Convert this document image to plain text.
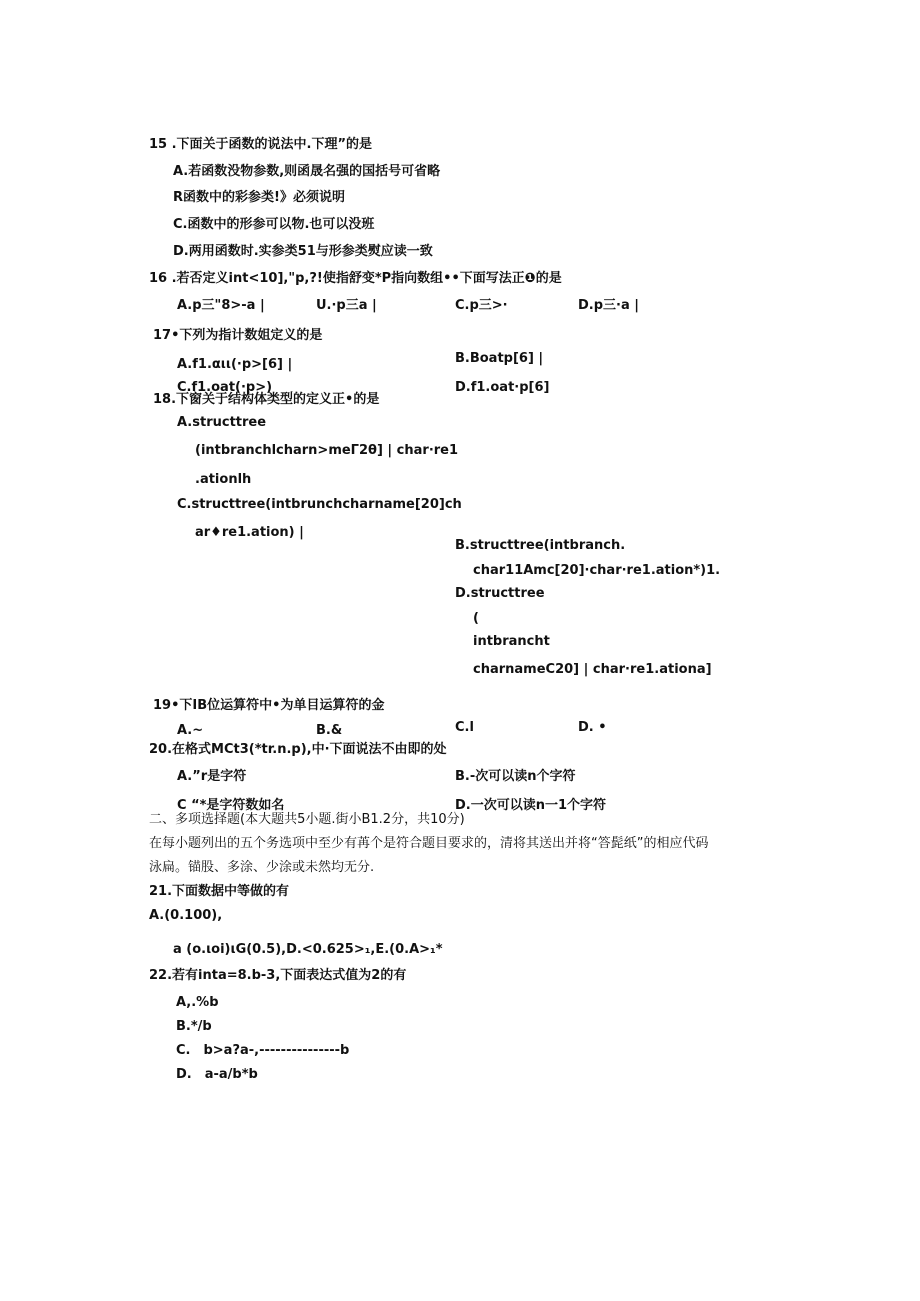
15 .下面关于函数的说法中.下理”的是
A.若函数没物参数,则函晟名强的国括号可省略
R函数中的彩参类!》必须说明
C.函数中的形参可以物.也可以没班
D.两用函数时.实参类51与形参类熨应读一致
16 .若否定义int<10],"p,?!使指舒变*P指向数组••下面写法正❶的是
A.p三"8>-a |	U.·p三a |	C.p三>·	D.p三·a |
17•下列为指计数姐定义的是
A.f1.αιι(·p>[6] |	B.Boatp[6] |
C.f1.oat(·p>)	D.f1.oat·p[6]
18.下窗关于结构体类型的定义正•的是
A.structtree
(intbranchlcharn>meΓ2θ] | char·re1
.ationlh
C.structtree(intbrunchcharname[20]ch
ar♦re1.ation) |
B.structtree(intbranch.
char11Amc[20]·char·re1.ation*)1.
D.structtree
(
intbrancht
charnameC20] | char·re1.ationa]
19•下IB位运算符中•为单目运算符的金
A.~	B.&	C.l	D. •
20.在格式MCt3(*tr.n.p),中·下面说法不由即的处
A.”r是字符	B.-次可以读n个字符
C “*是字符数如名	D.一次可以读n一1个字符
二、多项选择题(本大题共5小题.街小B1.2分，共10分)
在每小题列出的五个务选项中至少有苒个是符合题目要求的，清将其送出并将“答髭纸”的相应代码
泳扁。锚股、多涂、少涂或未然均无分.
21.下面数据中等做的有
A.(0.100),
a (o.ιoi)ιG(0.5),D.<0.625>₁,E.(0.A>₁*
22.若有inta=8.b-3,下面表达式值为2的有
A,.%b
B.*/b
C.　b>a?a-,---------------b
D.　a-a/b*b
